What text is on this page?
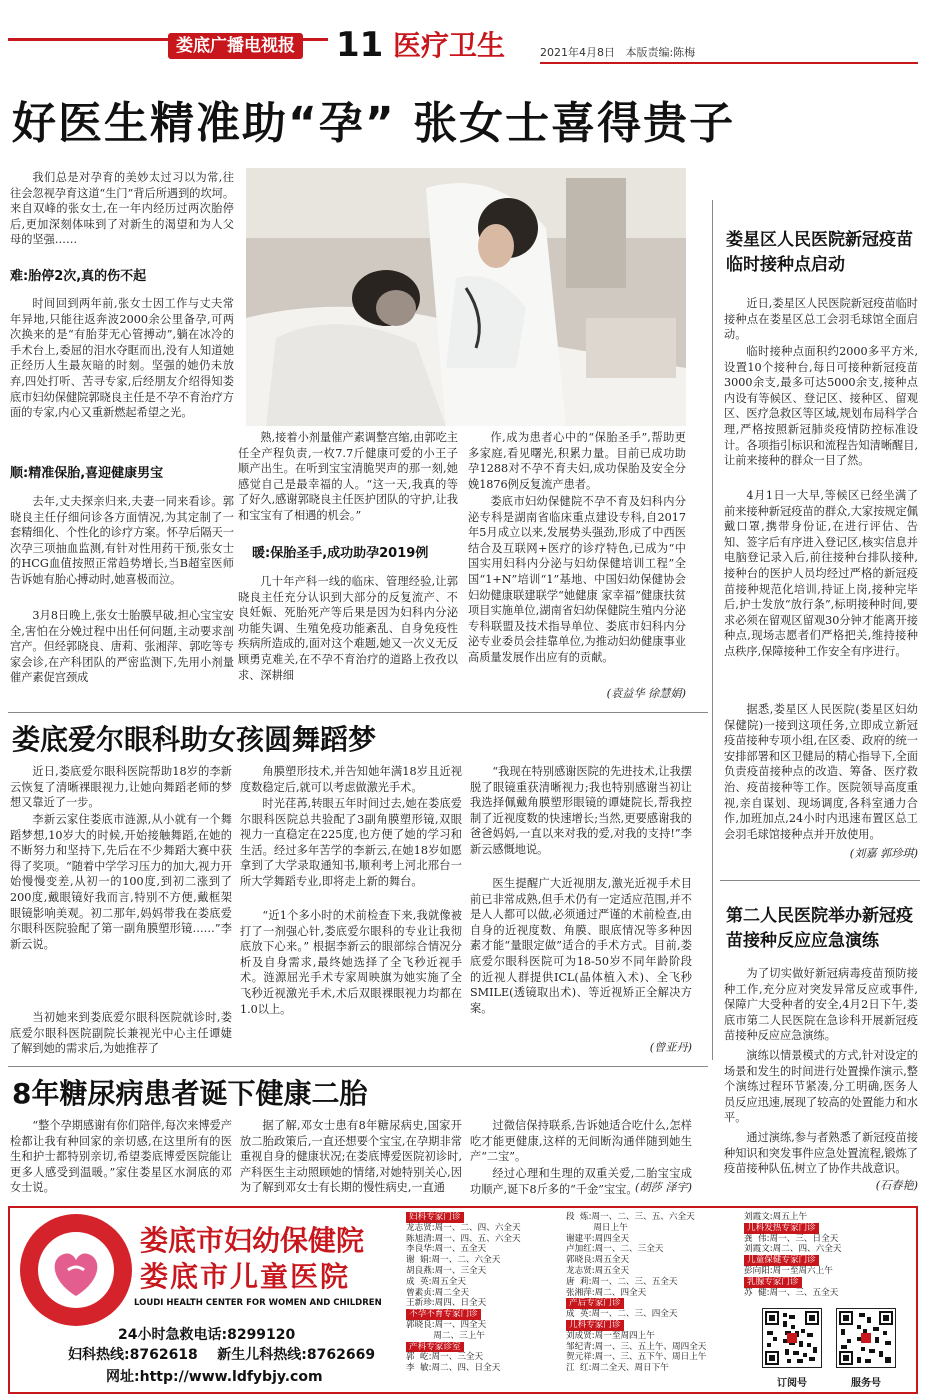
娄底广播电视报 11 医疗卫生	2021年4月8日   本版责编:陈梅
好医生精准助“孕” 张女士喜得贵子

我们总是对孕育的美妙太过习以为常,往往会忽视孕育这道“生门”背后所遇到的坎坷。来自双峰的张女士,在一年内经历过两次胎停后,更加深刻体味到了对新生的渴望和为人父母的坚强……

难:胎停2次,真的伤不起

时间回到两年前,张女士因工作与丈夫常年异地,只能往返奔波2000余公里备孕,可两次换来的是“有胎芽无心管搏动”,躺在冰冷的手术台上,委屈的泪水夺眶而出,没有人知道她正经历人生最灰暗的时刻。坚强的她仍未放弃,四处打听、苦寻专家,后经朋友介绍得知娄底市妇幼保健院郭晓良主任是不孕不育治疗方面的专家,内心又重新燃起希望之光。

顺:精准保胎,喜迎健康男宝

去年,丈夫探亲归来,夫妻一同来看诊。郭晓良主任仔细问诊各方面情况,为其定制了一套精细化、个性化的诊疗方案。怀孕后隔天一次孕三项抽血监测,有针对性用药干预,张女士的HCG血值按照正常趋势增长,当B超室医师告诉她有胎心搏动时,她喜极而泣。

3月8日晚上,张女士胎膜早破,担心宝宝安全,害怕在分娩过程中出任何问题,主动要求剖宫产。但经郭晓良、唐莉、张湘萍、郭吃等专家会诊,在产科团队的严密监测下,先用小剂量催产素促宫颈成

熟,接着小剂量催产素调整宫缩,由郭吃主任全产程负责,一枚7.7斤健康可爱的小王子顺产出生。在听到宝宝清脆哭声的那一刻,她感觉自己是最幸福的人。“这一天,我真的等了好久,感谢郭晓良主任医护团队的守护,让我和宝宝有了相遇的机会。”

暖:保胎圣手,成功助孕2019例

几十年产科一线的临床、管理经验,让郭晓良主任充分认识到大部分的反复流产、不良妊娠、死胎死产等后果是因为妇科内分泌功能失调、生殖免疫功能紊乱、自身免疫性疾病所造成的,面对这个难题,她又一次义无反顾勇克难关,在不孕不育治疗的道路上孜孜以求、深耕细

作,成为患者心中的“保胎圣手”,帮助更多家庭,看见曙光,积累力量。目前已成功助孕1288对不孕不育夫妇,成功保胎及安全分娩1876例反复流产患者。

娄底市妇幼保健院不孕不育及妇科内分泌专科是湖南省临床重点建设专科,自2017年5月成立以来,发展势头强劲,形成了中西医结合及互联网+医疗的诊疗特色,已成为“中国实用妇科内分泌与妇幼保健培训工程”全国“1+N”培训“1”基地、中国妇幼保健协会妇幼健康联建联学“她健康 家幸福”健康扶贫项目实施单位,湖南省妇幼保健院生殖内分泌专科联盟及技术指导单位、娄底市妇科内分泌专业委员会挂靠单位,为推动妇幼健康事业高质量发展作出应有的贡献。

(袁益华 徐慧娟)
娄星区人民医院新冠疫苗临时接种点启动

近日,娄星区人民医院新冠疫苗临时接种点在娄星区总工会羽毛球馆全面启动。

临时接种点面积约2000多平方米,设置10个接种台,每日可接种新冠疫苗3000余支,最多可达5000余支,接种点内设有等候区、登记区、接种区、留观区、医疗急救区等区域,规划布局科学合理,严格按照新冠肺炎疫情防控标准设计。各项指引标识和流程告知清晰醒目,让前来接种的群众一目了然。

4月1日一大早,等候区已经坐满了前来接种新冠疫苗的群众,大家按规定佩戴口罩,携带身份证,在进行评估、告知、签字后有序进入登记区,核实信息并电脑登记录入后,前往接种台排队接种,接种台的医护人员均经过严格的新冠疫苗接种规范化培训,持证上岗,接种完毕后,护士发放“放行条”,标明接种时间,要求必须在留观区留观30分钟才能离开接种点,现场志愿者们严格把关,维持接种点秩序,保障接种工作安全有序进行。

据悉,娄星区人民医院(娄星区妇幼保健院)一接到这项任务,立即成立新冠疫苗接种专项小组,在区委、政府的统一安排部署和区卫健局的精心指导下,全面负责疫苗接种点的改造、筹备、医疗救治、疫苗接种等工作。医院领导高度重视,亲自谋划、现场调度,各科室通力合作,加班加点,24小时内迅速布置区总工会羽毛球馆接种点并开放使用。

(刘嘉 郭珍琪)
第二人民医院举办新冠疫苗接种反应应急演练

为了切实做好新冠病毒疫苗预防接种工作,充分应对突发异常反应或事件,保障广大受种者的安全,4月2日下午,娄底市第二人民医院在急诊科开展新冠疫苗接种反应应急演练。

演练以情景模式的方式,针对设定的场景和发生的时间进行处置操作演示,整个演练过程环节紧凑,分工明确,医务人员反应迅速,展现了较高的处置能力和水平。

通过演练,参与者熟悉了新冠疫苗接种知识和突发事件应急处置流程,锻炼了疫苗接种队伍,树立了协作共战意识。

(石春艳)
娄底爱尔眼科助女孩圆舞蹈梦

近日,娄底爱尔眼科医院帮助18岁的李新云恢复了清晰裸眼视力,让她向舞蹈老师的梦想又靠近了一步。

李新云家住娄底市涟源,从小就有一个舞蹈梦想,10岁大的时候,开始接触舞蹈,在她的不断努力和坚持下,先后在不少舞蹈大赛中获得了奖项。“随着中学学习压力的加大,视力开始慢慢变差,从初一的100度,到初二涨到了200度,戴眼镜好我而言,特别不方便,戴框架眼镜影响美观。初二那年,妈妈带我在娄底爱尔眼科医院验配了第一副角膜塑形镜……”李新云说。

当初她来到娄底爱尔眼科医院就诊时,娄底爱尔眼科医院副院长兼视光中心主任谭婕了解到她的需求后,为她推荐了

角膜塑形技术,并告知她年满18岁且近视度数稳定后,就可以考虑做激光手术。

时光荏苒,转眼五年时间过去,她在娄底爱尔眼科医院总共验配了3副角膜塑形镜,双眼视力一直稳定在225度,也方便了她的学习和生活。经过多年苦学的李新云,在她18岁如愿拿到了大学录取通知书,顺利考上河北邢台一所大学舞蹈专业,即将走上新的舞台。

“近1个多小时的术前检查下来,我就像被打了一剂强心针,娄底爱尔眼科的专业让我彻底放下心来。” 根据李新云的眼部综合情况分析及自身需求,最终她选择了全飞秒近视手术。涟源屈光手术专家周映旗为她实施了全飞秒近视激光手术,术后双眼裸眼视力均都在1.0以上。

“我现在特别感谢医院的先进技术,让我摆脱了眼镜重获清晰视力;我也特别感谢当初让我选择佩戴角膜塑形眼镜的谭婕院长,帮我控制了近视度数的快速增长;当然,更要感谢我的爸爸妈妈,一直以来对我的爱,对我的支持!”李新云感慨地说。

医生提醒广大近视朋友,激光近视手术目前已非常成熟,但手术仍有一定适应范围,并不是人人都可以做,必须通过严谨的术前检查,由自身的近视度数、角膜、眼底情况等多种因素才能“量眼定做”适合的手术方式。目前,娄底爱尔眼科医院可为18-50岁不同年龄阶段的近视人群提供ICL(晶体植入术)、全飞秒SMILE(透镜取出术)、等近视矫正全解决方案。

(曾亚丹)
8年糖尿病患者诞下健康二胎

“整个孕期感谢有你们陪伴,每次来博爱产检都让我有种回家的亲切感,在这里所有的医生和护士都特别亲切,希望娄底博爱医院能让更多人感受到温暖。”家住娄星区水洞底的邓女士说。

据了解,邓女士患有8年糖尿病史,国家开放二胎政策后,一直还想要个宝宝,在孕期非常重视自身的健康状况;在娄底博爱医院初诊时,产科医生主动照顾她的情绪,对她特别关心,因为了解到邓女士有长期的慢性病史,一直通

过微信保持联系,告诉她适合吃什么,怎样吃才能更健康,这样的无间断沟通伴随到她生产“二宝”。

经过心理和生理的双重关爱,二胎宝宝成功顺产,诞下8斤多的“千金”宝宝。

(胡莎 泽宇)
娄底市妇幼保健院
娄底市儿童医院
LOUDI HEALTH CENTER FOR WOMEN AND CHILDREN
24小时急救电话:8299120
妇科热线:8762618    新生儿科热线:8762669
网址:http://www.ldfybjy.com
妇科专家门诊
龙志贤:周一、二、四、六全天
陈旭清:周一、四、五、六全天
李良华:周一、五全天
谢  娟:周一、二、六全天
胡良燕:周一、三全天
成  英:周五全天
曾素贞:周二全天
王新珍:周四、日全天
不孕不育专家门诊
郭晓良:周一、四全天
周二、三上午
产科专家诊室
郭  屹:周一、三全天
李  敏:周二、四、日全天
段  炼:周一、二、三、五、六全天
周日上午
谢建平:周四全天
卢加红:周一、二、三全天
郭晓良:周五全天
龙志贤:周五全天
唐  莉:周一、二、三、五全天
张湘萍:周二、四全天
产后专家门诊
成  英:周一、二、三、四全天
儿科专家门诊
刘成贤:周一至周四上午
邹纪青:周一、三、五上午、周四全天
贺元祥:周一、三、五下午、周日上午
江  红:周二全天、周日下午
刘霞文:周五上午
儿科发热专家门诊
龚  伟:周一、三、日全天
刘霞文:周二、四、六全天
儿童保健专家门诊
彭向阳:周一至周六上午
乳腺专家门诊
苏  健:周一、三、五全天
订阅号	服务号
